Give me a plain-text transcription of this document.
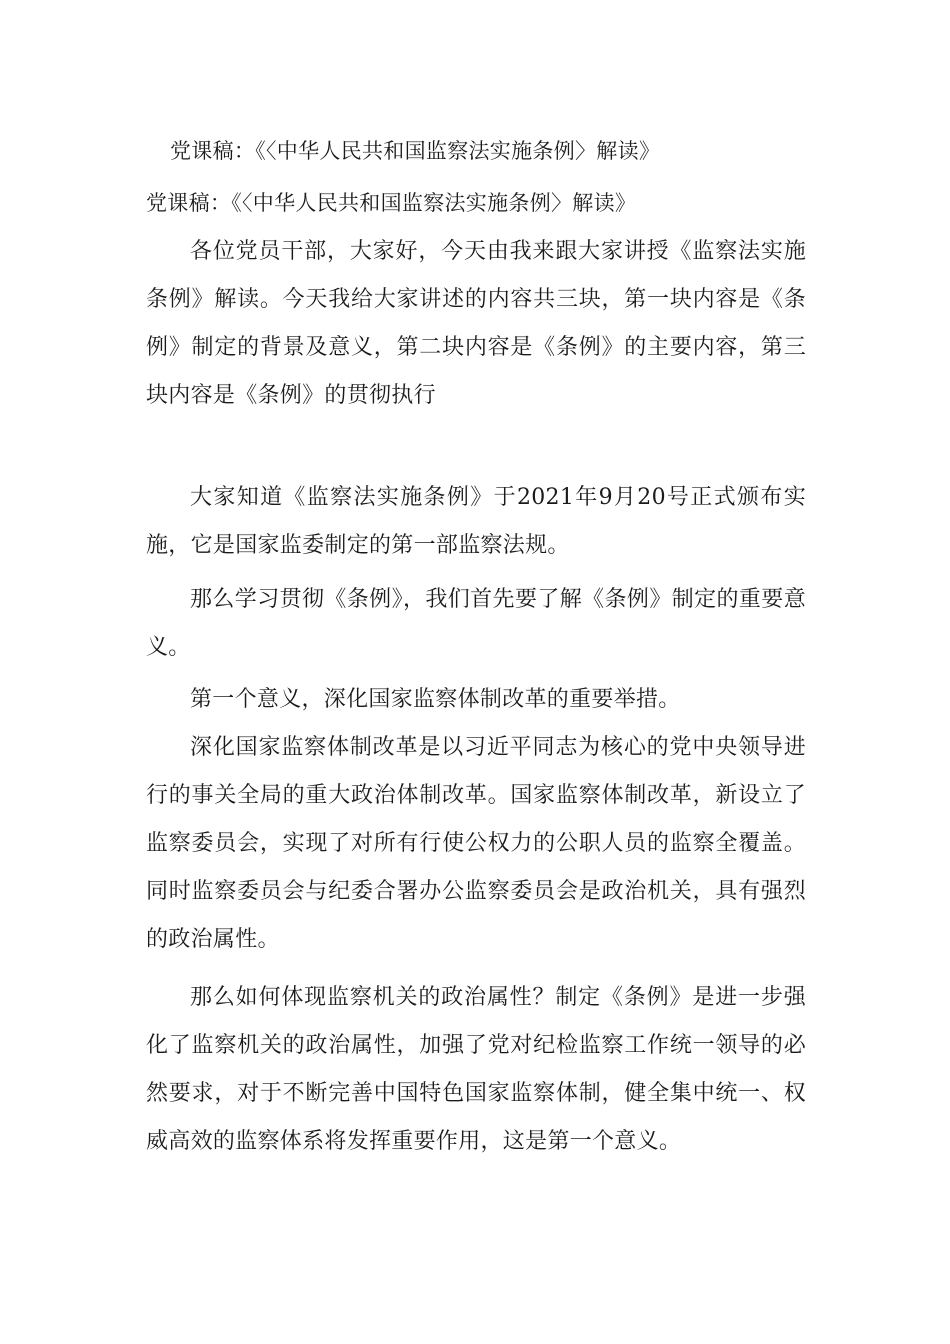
党课稿：《〈中华人民共和国监察法实施条例〉解读》
党课稿：《〈中华人民共和国监察法实施条例〉解读》
各位党员干部，大家好，今天由我来跟大家讲授《监察法实施条例》解读。今天我给大家讲述的内容共三块，第一块内容是《条例》制定的背景及意义，第二块内容是《条例》的主要内容，第三块内容是《条例》的贯彻执行
大家知道《监察法实施条例》于2021年9月20号正式颁布实施，它是国家监委制定的第一部监察法规。
那么学习贯彻《条例》，我们首先要了解《条例》制定的重要意义。
第一个意义，深化国家监察体制改革的重要举措。
深化国家监察体制改革是以习近平同志为核心的党中央领导进行的事关全局的重大政治体制改革。国家监察体制改革，新设立了监察委员会，实现了对所有行使公权力的公职人员的监察全覆盖。同时监察委员会与纪委合署办公监察委员会是政治机关，具有强烈的政治属性。
那么如何体现监察机关的政治属性？制定《条例》是进一步强化了监察机关的政治属性，加强了党对纪检监察工作统一领导的必然要求，对于不断完善中国特色国家监察体制，健全集中统一、权威高效的监察体系将发挥重要作用，这是第一个意义。
